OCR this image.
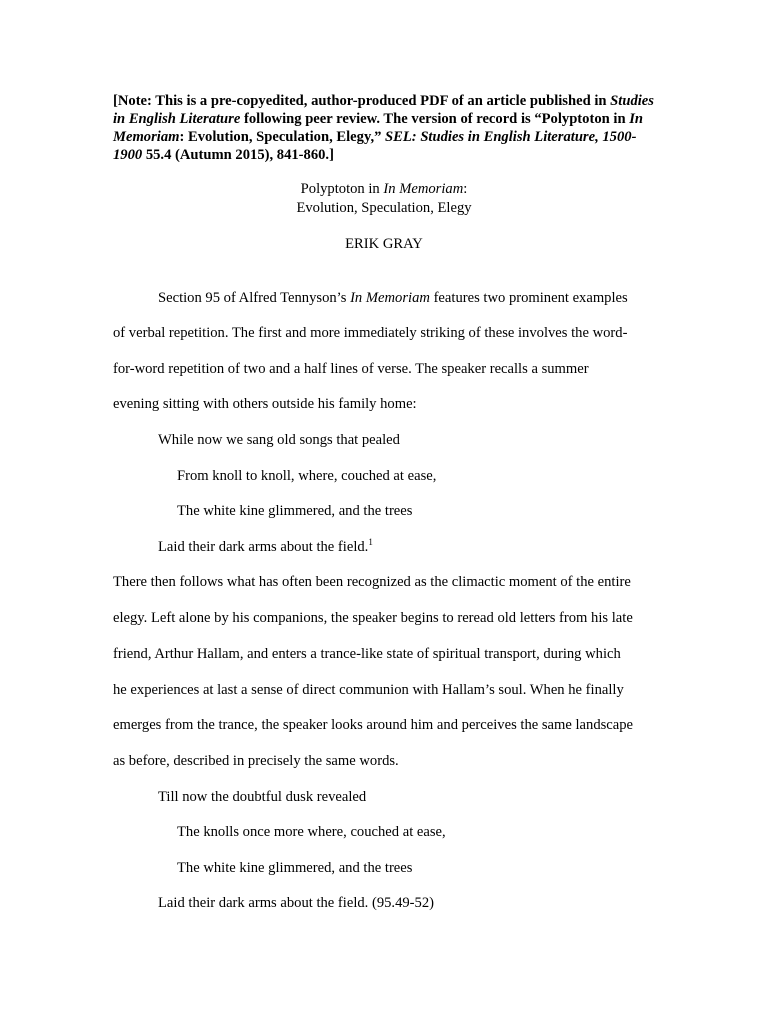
[Note: This is a pre-copyedited, author-produced PDF of an article published in Studies in English Literature following peer review. The version of record is “Polyptoton in In Memoriam: Evolution, Speculation, Elegy,” SEL: Studies in English Literature, 1500-1900 55.4 (Autumn 2015), 841-860.]
Polyptoton in In Memoriam:
Evolution, Speculation, Elegy
ERIK GRAY
Section 95 of Alfred Tennyson’s In Memoriam features two prominent examples
of verbal repetition. The first and more immediately striking of these involves the word-
for-word repetition of two and a half lines of verse. The speaker recalls a summer
evening sitting with others outside his family home:
While now we sang old songs that pealed
From knoll to knoll, where, couched at ease,
The white kine glimmered, and the trees
Laid their dark arms about the field.$^1$
There then follows what has often been recognized as the climactic moment of the entire
elegy. Left alone by his companions, the speaker begins to reread old letters from his late
friend, Arthur Hallam, and enters a trance-like state of spiritual transport, during which
he experiences at last a sense of direct communion with Hallam’s soul. When he finally
emerges from the trance, the speaker looks around him and perceives the same landscape
as before, described in precisely the same words.
Till now the doubtful dusk revealed
The knolls once more where, couched at ease,
The white kine glimmered, and the trees
Laid their dark arms about the field. (95.49-52)
